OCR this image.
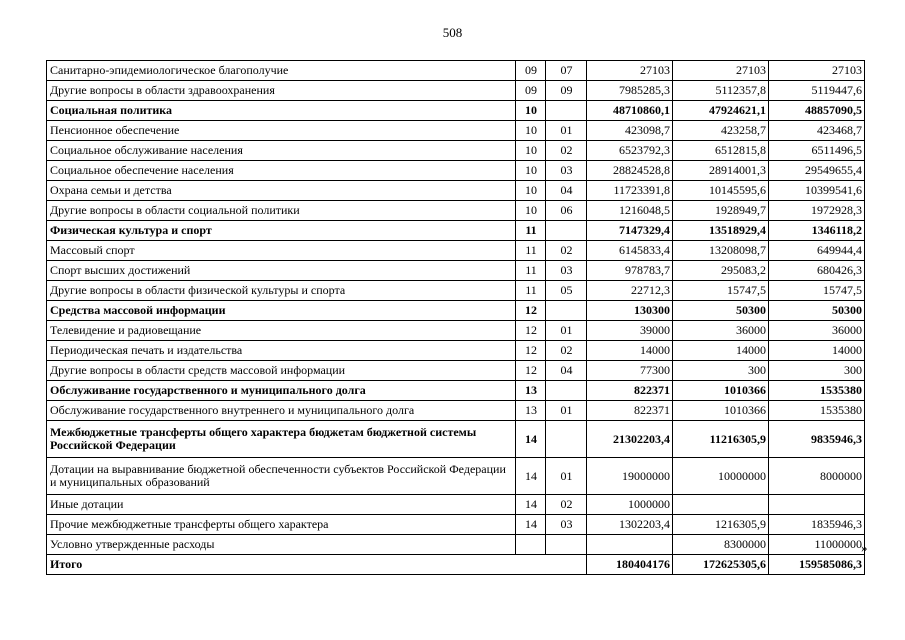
508
Санитарно-эпидемиологическое благополучие	09	07	27103	27103	27103
Другие вопросы в области здравоохранения	09	09	7985285,3	5112357,8	5119447,6
Социальная политика	10		48710860,1	47924621,1	48857090,5
Пенсионное обеспечение	10	01	423098,7	423258,7	423468,7
Социальное обслуживание населения	10	02	6523792,3	6512815,8	6511496,5
Социальное обеспечение населения	10	03	28824528,8	28914001,3	29549655,4
Охрана семьи и детства	10	04	11723391,8	10145595,6	10399541,6
Другие вопросы в области социальной политики	10	06	1216048,5	1928949,7	1972928,3
Физическая культура и спорт	11		7147329,4	13518929,4	1346118,2
Массовый спорт	11	02	6145833,4	13208098,7	649944,4
Спорт высших достижений	11	03	978783,7	295083,2	680426,3
Другие вопросы в области физической культуры и спорта	11	05	22712,3	15747,5	15747,5
Средства массовой информации	12		130300	50300	50300
Телевидение и радиовещание	12	01	39000	36000	36000
Периодическая печать и издательства	12	02	14000	14000	14000
Другие вопросы в области средств массовой информации	12	04	77300	300	300
Обслуживание государственного и муниципального долга	13		822371	1010366	1535380
Обслуживание государственного внутреннего и муниципального долга	13	01	822371	1010366	1535380
Межбюджетные трансферты общего характера бюджетам бюджетной системы Российской Федерации	14		21302203,4	11216305,9	9835946,3
Дотации на выравнивание бюджетной обеспеченности субъектов Российской Федерации и муниципальных образований	14	01	19000000	10000000	8000000
Иные дотации	14	02	1000000		
Прочие межбюджетные трансферты общего характера	14	03	1302203,4	1216305,9	1835946,3
Условно утвержденные расходы				8300000	11000000
Итого			180404176	172625305,6	159585086,3
»
